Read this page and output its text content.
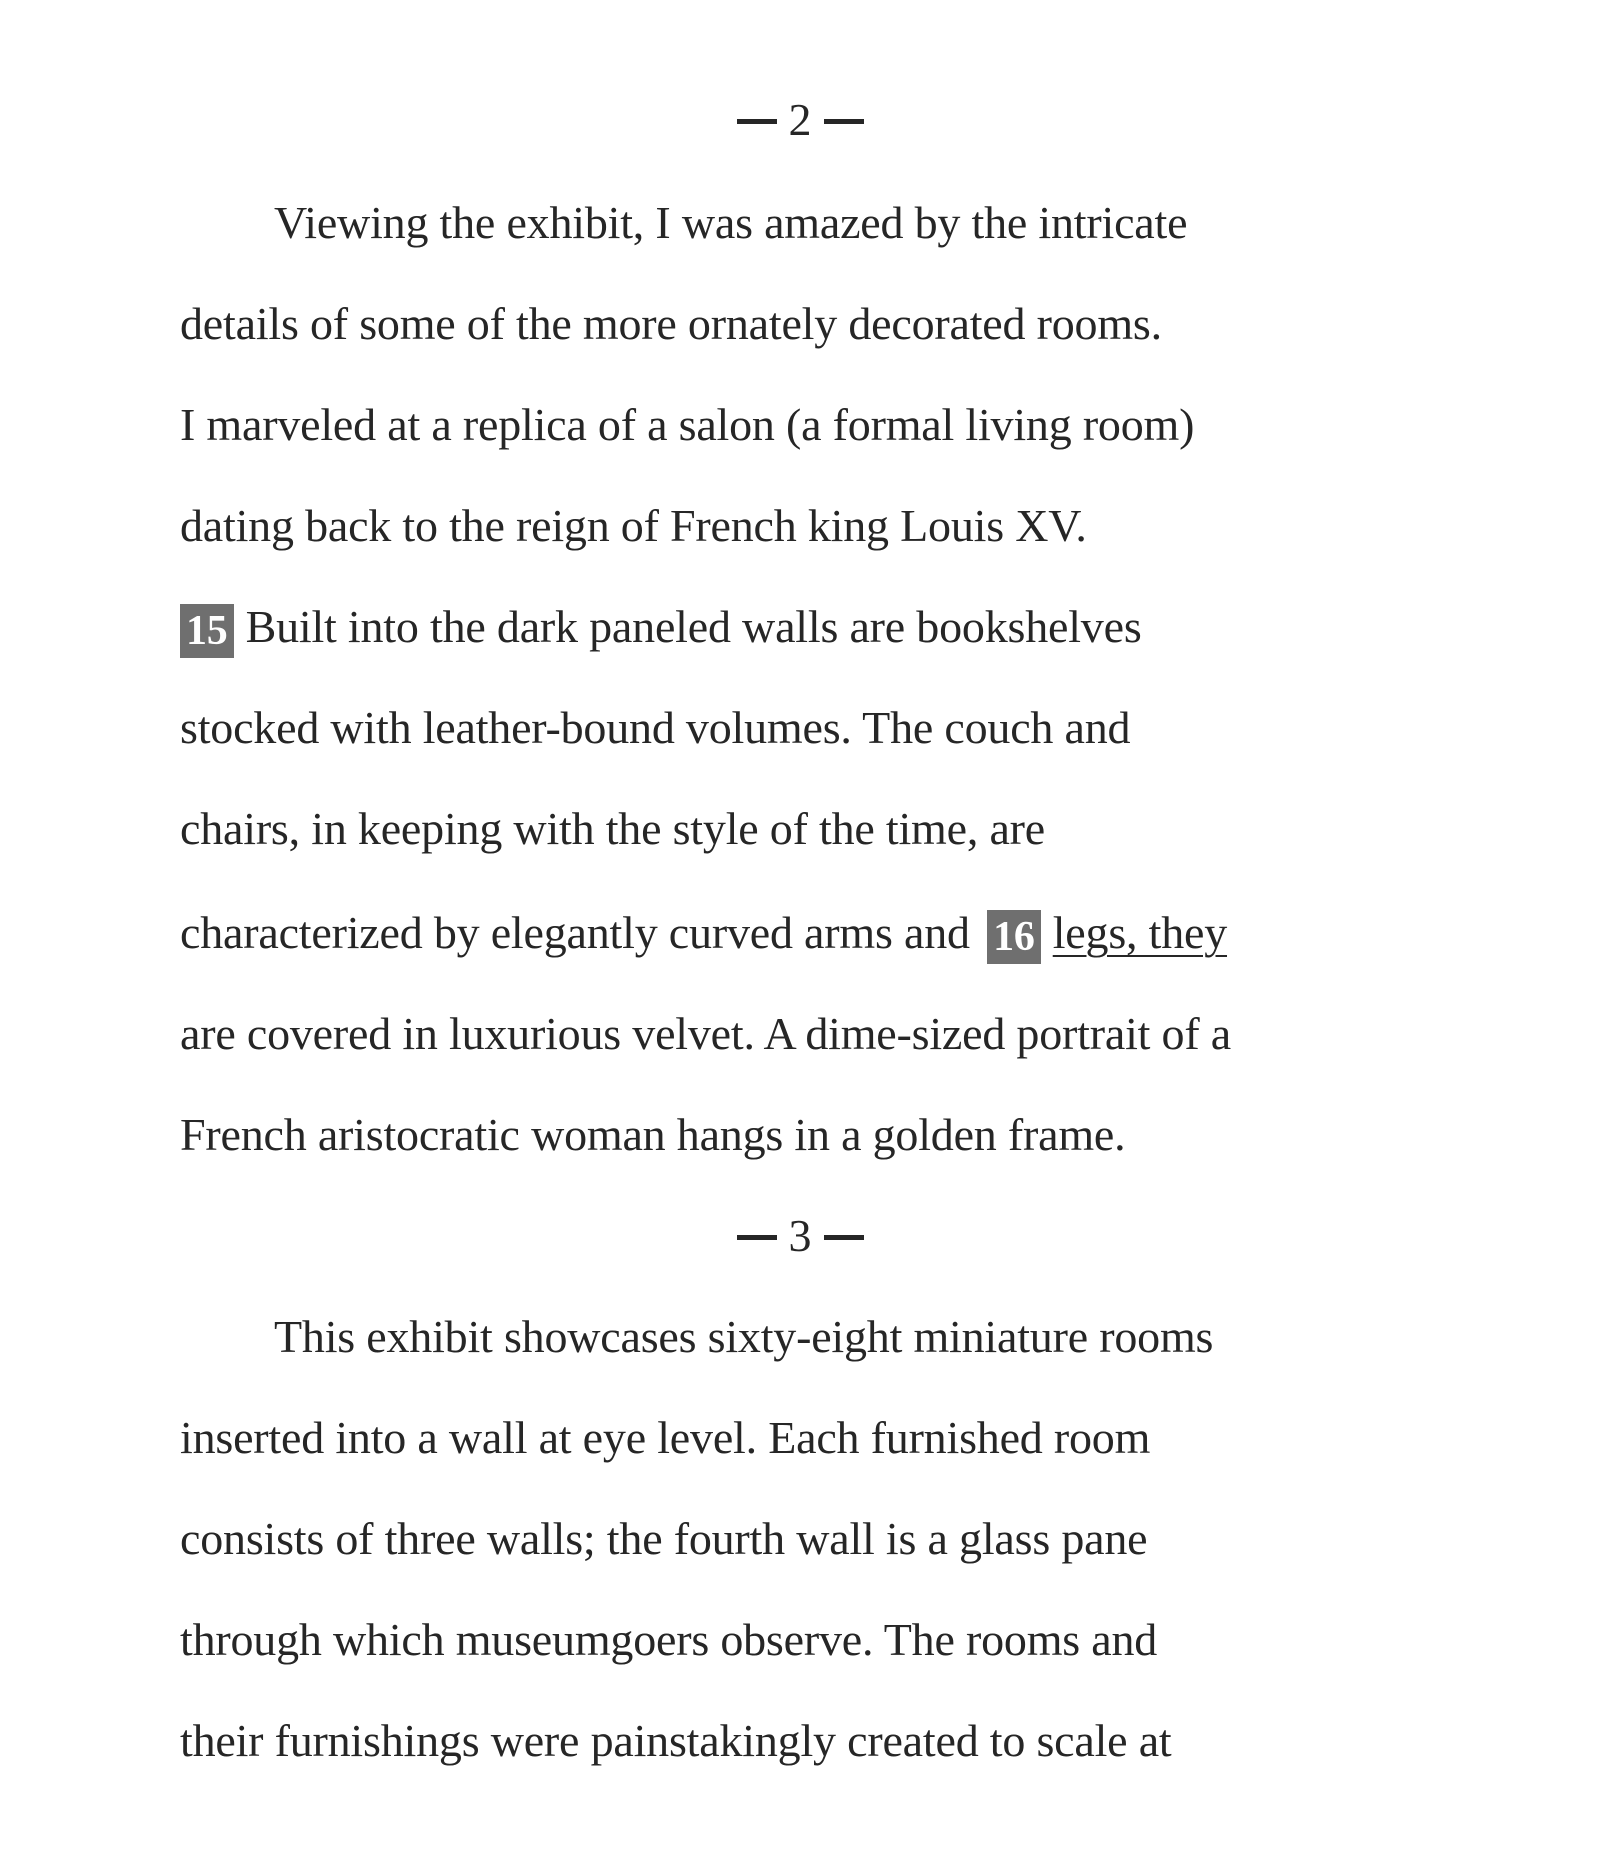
2
Viewing the exhibit, I was amazed by the intricate
details of some of the more ornately decorated rooms.
I marveled at a replica of a salon (a formal living room)
dating back to the reign of French king Louis XV.
15 Built into the dark paneled walls are bookshelves
stocked with leather-bound volumes. The couch and
chairs, in keeping with the style of the time, are
characterized by elegantly curved arms and 16 legs, they
are covered in luxurious velvet. A dime-sized portrait of a
French aristocratic woman hangs in a golden frame.
3
This exhibit showcases sixty-eight miniature rooms
inserted into a wall at eye level. Each furnished room
consists of three walls; the fourth wall is a glass pane
through which museumgoers observe. The rooms and
their furnishings were painstakingly created to scale at
